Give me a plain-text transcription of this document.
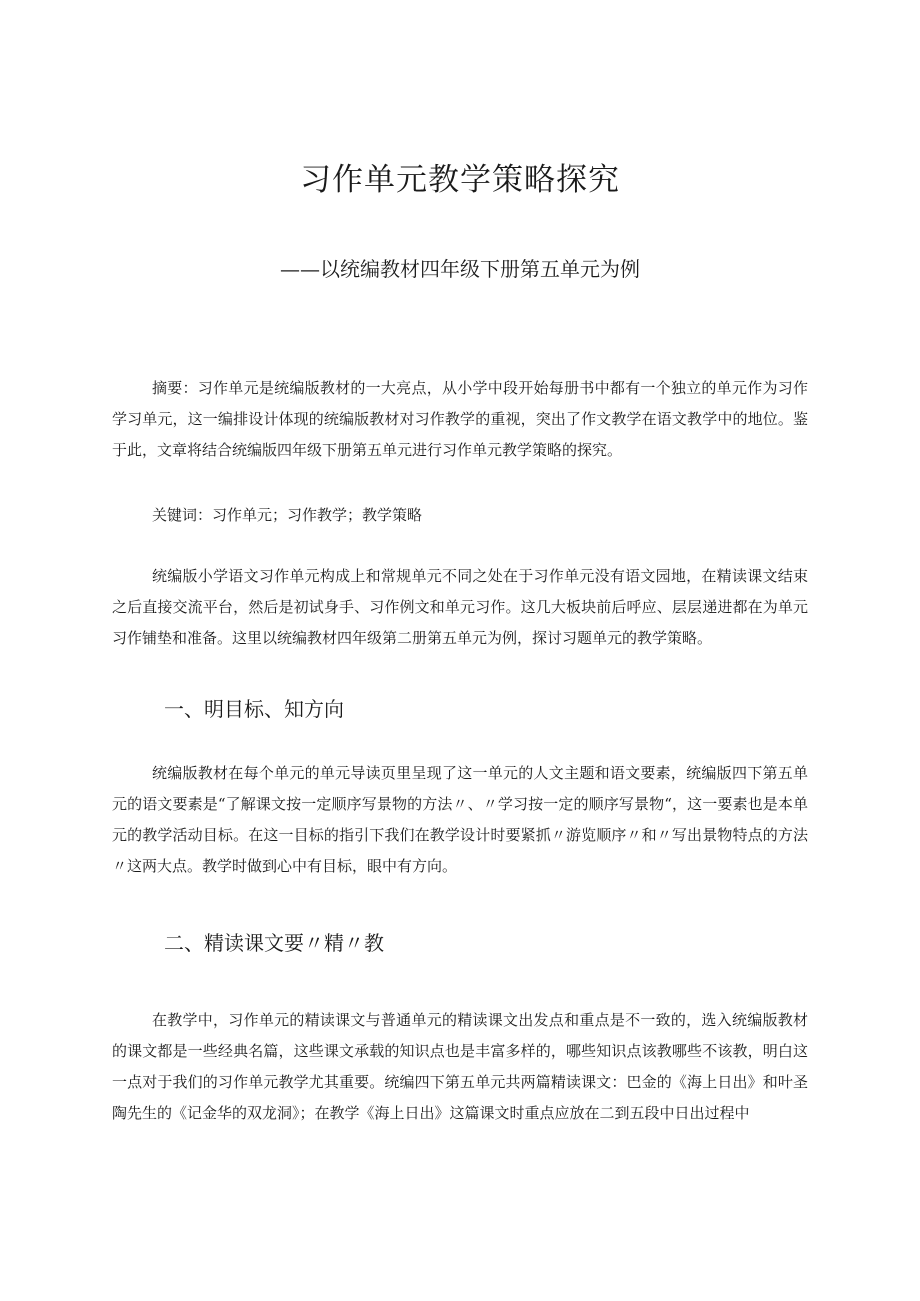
习作单元教学策略探究
——以统编教材四年级下册第五单元为例

摘要：习作单元是统编版教材的一大亮点，从小学中段开始每册书中都有一个独立的单元作为习作学习单元，这一编排设计体现的统编版教材对习作教学的重视，突出了作文教学在语文教学中的地位。鉴于此，文章将结合统编版四年级下册第五单元进行习作单元教学策略的探究。

关键词：习作单元；习作教学；教学策略

统编版小学语文习作单元构成上和常规单元不同之处在于习作单元没有语文园地，在精读课文结束之后直接交流平台，然后是初试身手、习作例文和单元习作。这几大板块前后呼应、层层递进都在为单元习作铺垫和准备。这里以统编教材四年级第二册第五单元为例，探讨习题单元的教学策略。

一、明目标、知方向

统编版教材在每个单元的单元导读页里呈现了这一单元的人文主题和语文要素，统编版四下第五单元的语文要素是“了解课文按一定顺序写景物的方法〃、〃学习按一定的顺序写景物“，这一要素也是本单元的教学活动目标。在这一目标的指引下我们在教学设计时要紧抓〃游览顺序〃和〃写出景物特点的方法〃这两大点。教学时做到心中有目标，眼中有方向。

二、精读课文要〃精〃教

在教学中，习作单元的精读课文与普通单元的精读课文出发点和重点是不一致的，选入统编版教材的课文都是一些经典名篇，这些课文承载的知识点也是丰富多样的，哪些知识点该教哪些不该教，明白这一点对于我们的习作单元教学尤其重要。统编四下第五单元共两篇精读课文：巴金的《海上日出》和叶圣陶先生的《记金华的双龙洞》；在教学《海上日出》这篇课文时重点应放在二到五段中日出过程中
